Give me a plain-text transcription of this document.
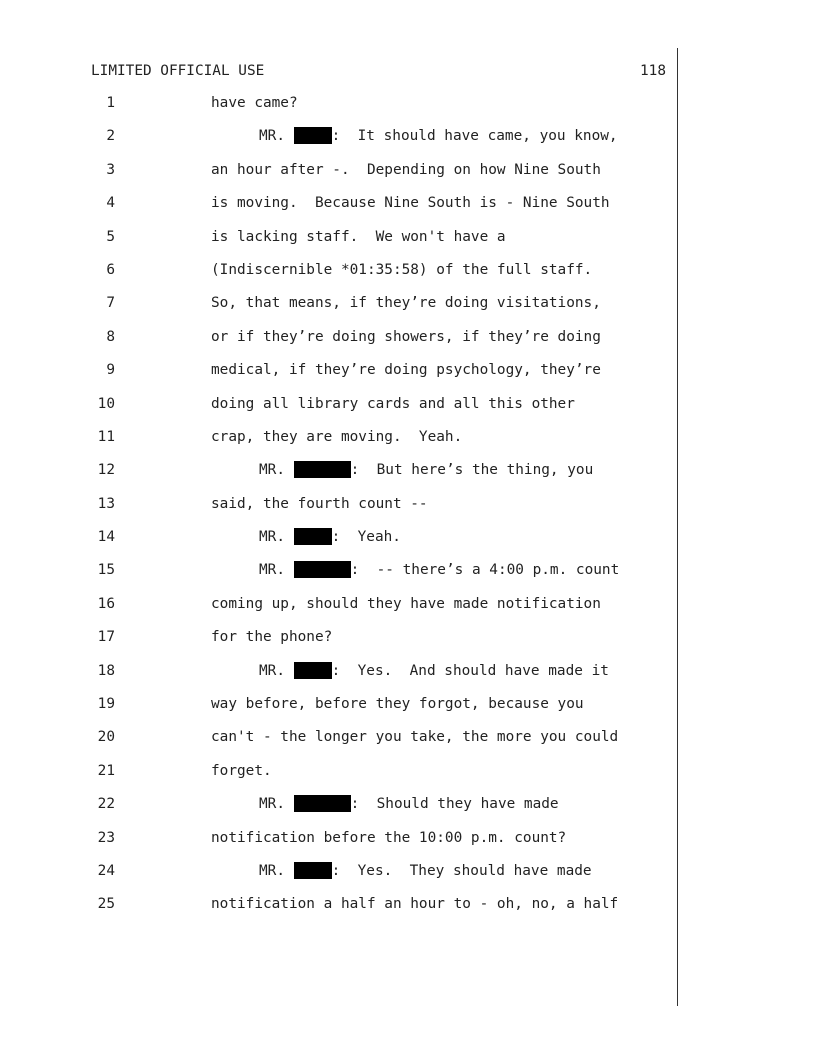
LIMITED OFFICIAL USE	118
1	have came?
2	MR.	:  It should have came, you know,
3	an hour after -.  Depending on how Nine South
4	is moving.  Because Nine South is - Nine South
5	is lacking staff.  We won't have a
6	(Indiscernible *01:35:58) of the full staff.
7	So, that means, if they’re doing visitations,
8	or if they’re doing showers, if they’re doing
9	medical, if they’re doing psychology, they’re
10	doing all library cards and all this other
11	crap, they are moving.  Yeah.
12	MR.	:  But here’s the thing, you
13	said, the fourth count --
14	MR.	:  Yeah.
15	MR.	:  -- there’s a 4:00 p.m. count
16	coming up, should they have made notification
17	for the phone?
18	MR.	:  Yes.  And should have made it
19	way before, before they forgot, because you
20	can't - the longer you take, the more you could
21	forget.
22	MR.	:  Should they have made
23	notification before the 10:00 p.m. count?
24	MR.	:  Yes.  They should have made
25	notification a half an hour to - oh, no, a half
